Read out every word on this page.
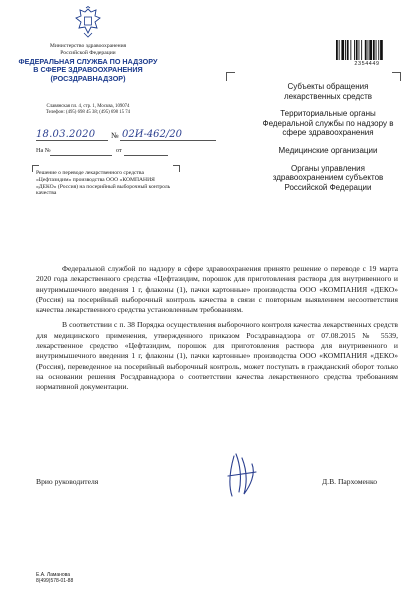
Министерство здравоохранения
Российской Федерации
ФЕДЕРАЛЬНАЯ СЛУЖБА ПО НАДЗОРУ
В СФЕРЕ ЗДРАВООХРАНЕНИЯ
(РОСЗДРАВНАДЗОР)
Славянская пл. 4, стр. 1, Москва, 109074
Телефон: (495) 698 45 38; (495) 698 15 74
18.03.2020 № 02И-462/20
На №	от
Решение о переводе лекарственного средства «Цефтазидим» производства ООО «КОМПАНИЯ «ДЕКО» (Россия) на посерийный выборочный контроль качества
2354449
Субъекты обращения
лекарственных средств
Территориальные органы
Федеральной службы по надзору в
сфере здравоохранения
Медицинские организации
Органы управления
здравоохранением субъектов
Российской Федерации

Федеральной службой по надзору в сфере здравоохранения принято решение о переводе с 19 марта 2020 года лекарственного средства «Цефтазидим, порошок для приготовления раствора для внутривенного и внутримышечного введения 1 г, флаконы (1), пачки картонные» производства ООО «КОМПАНИЯ «ДЕКО» (Россия) на посерийный выборочный контроль качества в связи с повторным выявлением несоответствия качества лекарственного средства установленным требованиям.

В соответствии с п. 38 Порядка осуществления выборочного контроля качества лекарственных средств для медицинского применения, утвержденного приказом Росздравнадзора от 07.08.2015 № 5539, лекарственное средство «Цефтазидим, порошок для приготовления раствора для внутривенного и внутримышечного введения 1 г, флаконы (1), пачки картонные» производства ООО «КОМПАНИЯ «ДЕКО» (Россия), переведенное на посерийный выборочный контроль, может поступать в гражданский оборот только на основании решения Росздравнадзора о соответствии качества лекарственного средства требованиям нормативной документации.

Врио руководителя	Д.В. Пархоменко
Е.А. Ламанова
8(499)578-01-88
